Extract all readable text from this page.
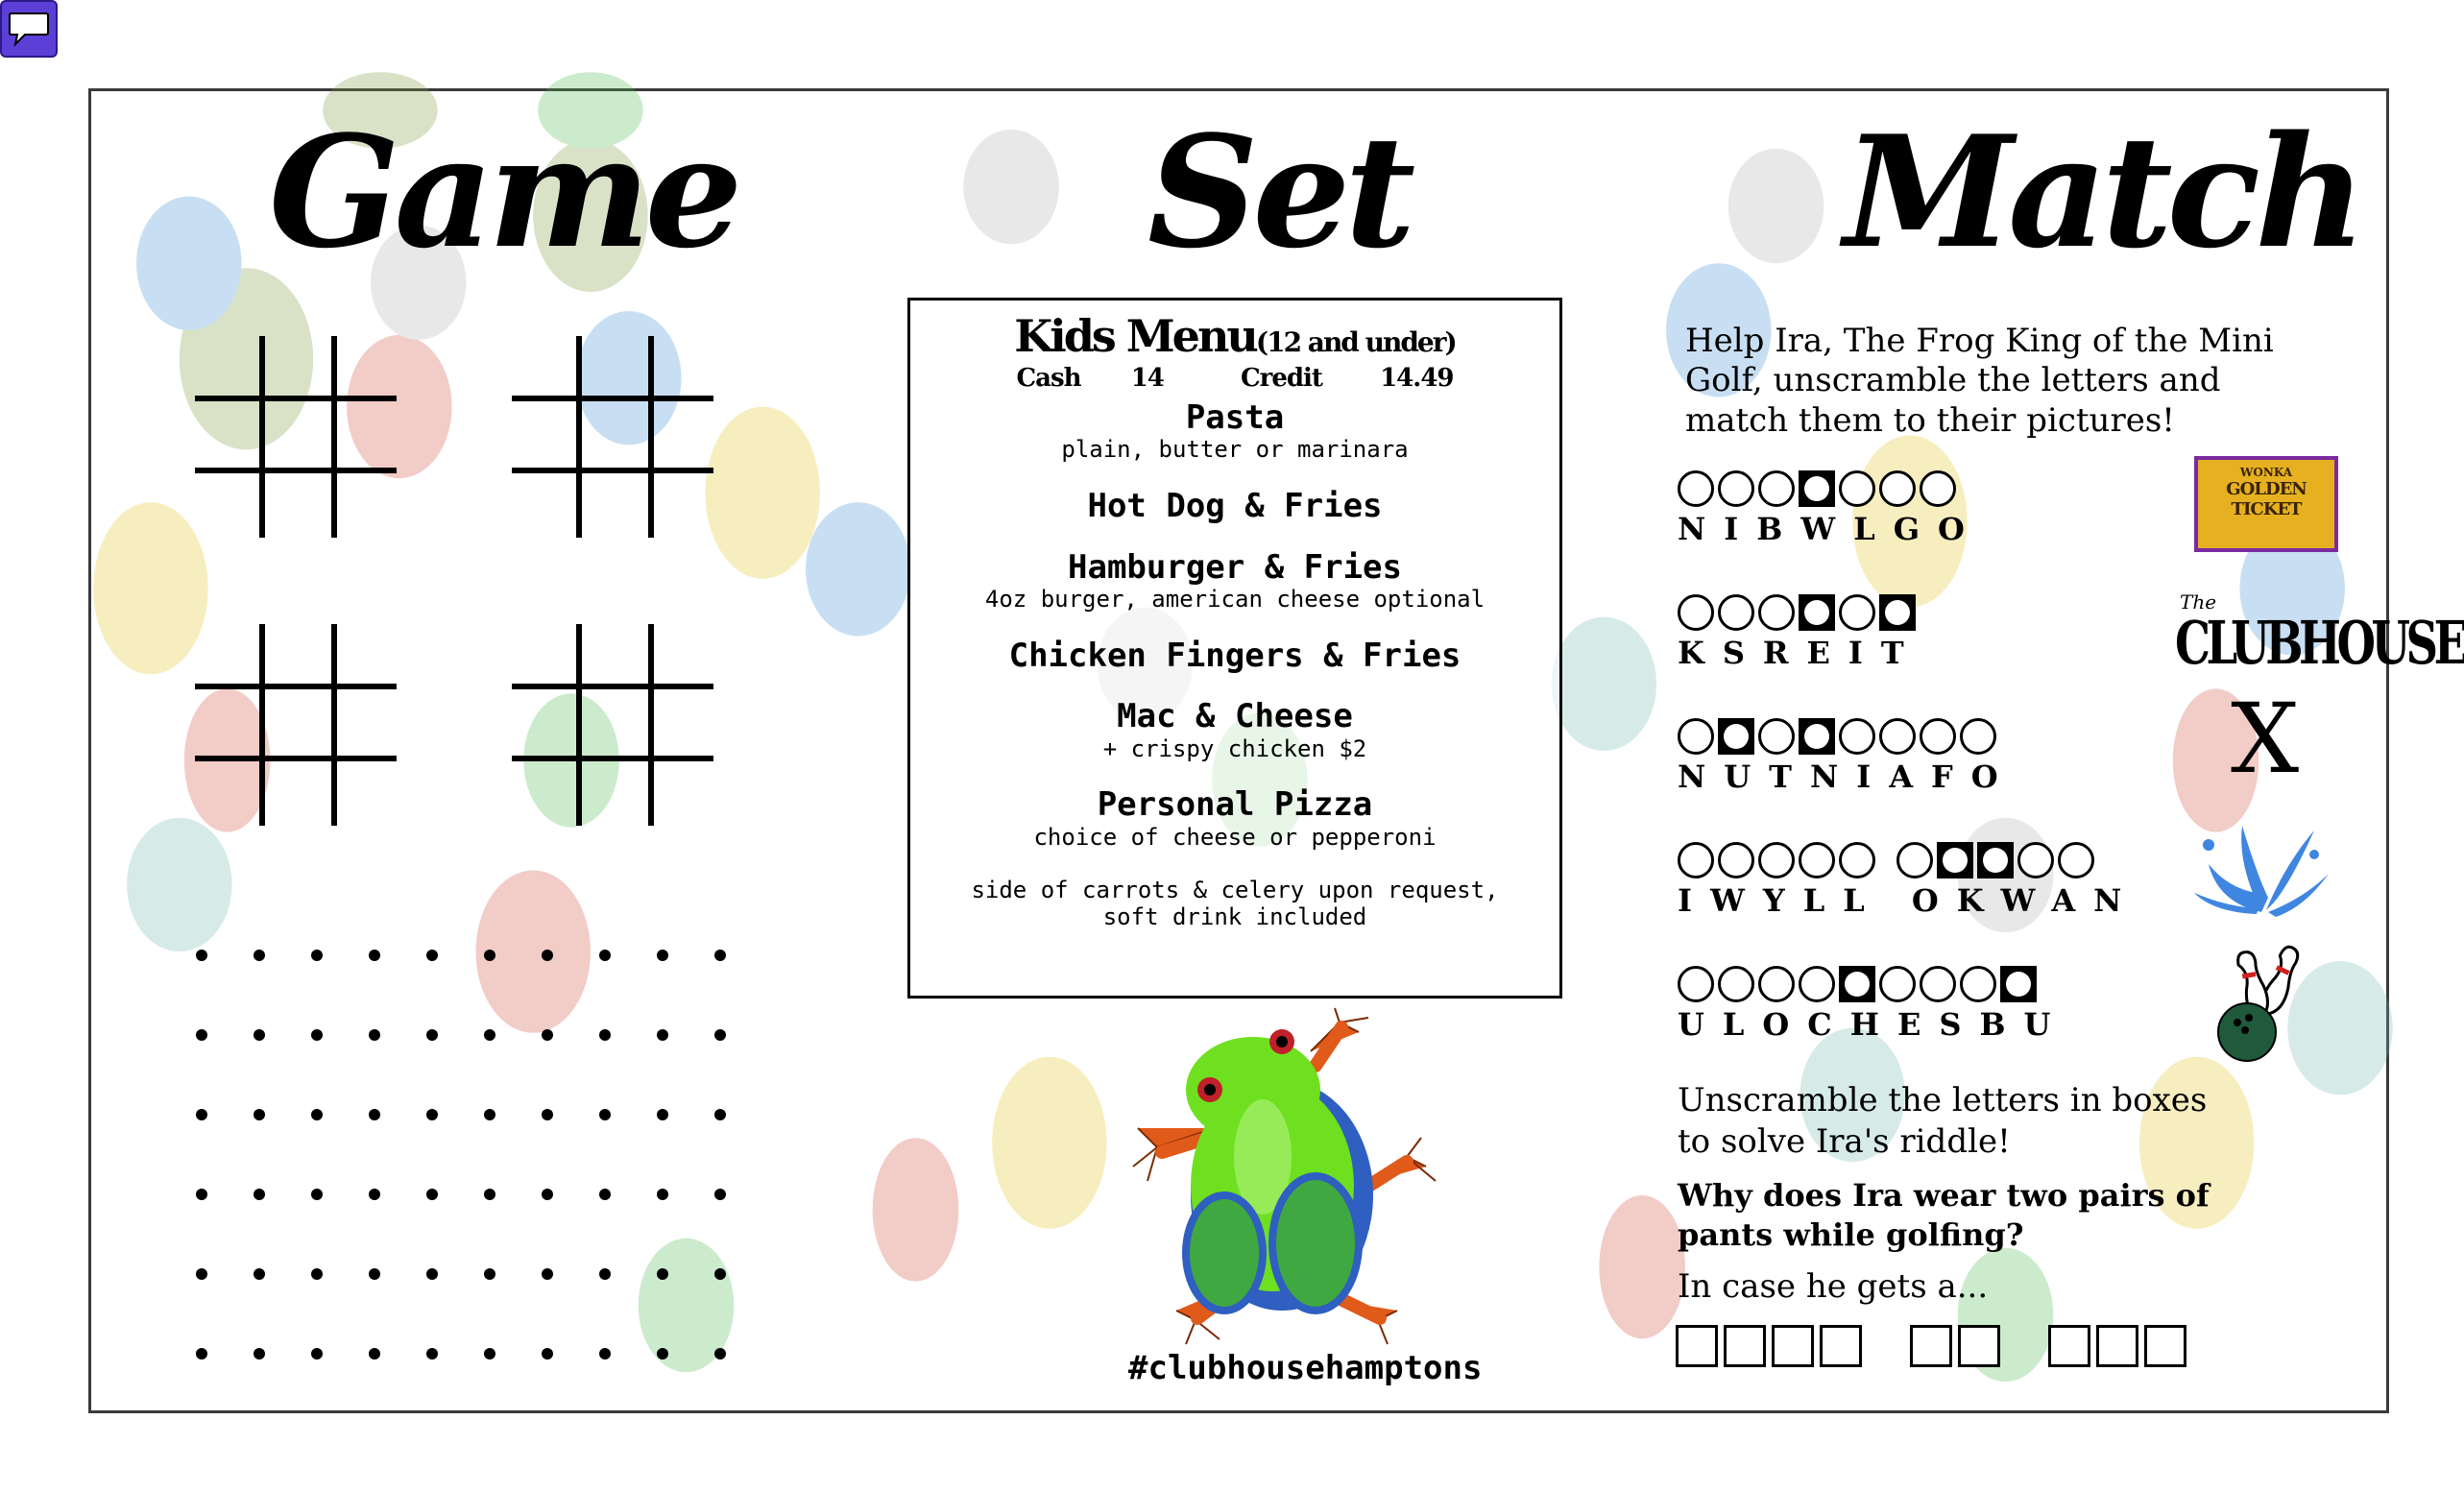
Game	Set	Match
Kids Menu(12 and under)
Cash 14	Credit 14.49
Pasta
plain, butter or marinara
Hot Dog & Fries
Hamburger & Fries
4oz burger, american cheese optional
Chicken Fingers & Fries
Mac & Cheese
+ crispy chicken $2
Personal Pizza
choice of cheese or pepperoni
side of carrots & celery upon request,
soft drink included
#clubhousehamptons
Help Ira, The Frog King of the Mini Golf, unscramble the letters and match them to their pictures!
NIBWLGO
KSREIT
NUTNIAFO
IWYLL OKWAN
ULOCHESBU
WONKA
GOLDEN TICKET
The
CLUBHOUSE
X
Unscramble the letters in boxes to solve Ira's riddle!
Why does Ira wear two pairs of pants while golfing?
In case he gets a...
